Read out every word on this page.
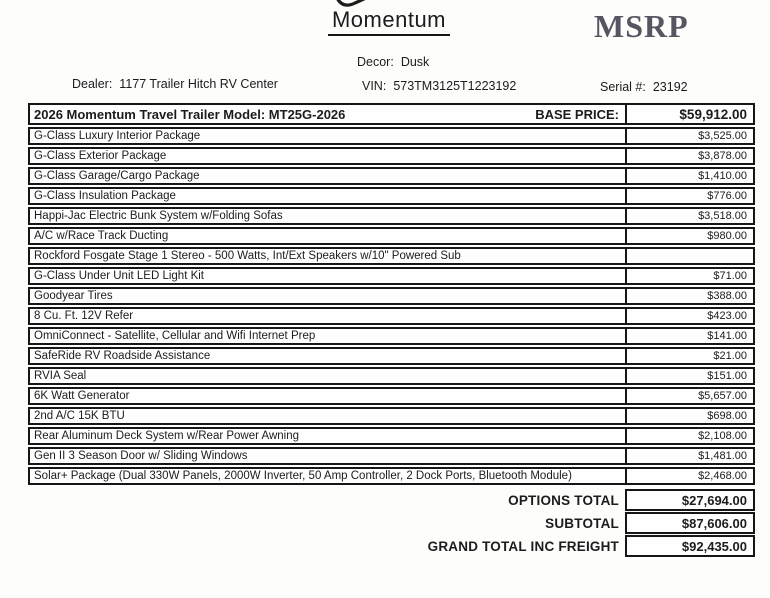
Momentum	MSRP
Decor: Dusk
Dealer: 1177 Trailer Hitch RV Center	VIN: 573TM3125T1223192	Serial #: 23192
2026 Momentum Travel Trailer Model: MT25G-2026	BASE PRICE:	$59,912.00
G-Class Luxury Interior Package	$3,525.00
G-Class Exterior Package	$3,878.00
G-Class Garage/Cargo Package	$1,410.00
G-Class Insulation Package	$776.00
Happi-Jac Electric Bunk System w/Folding Sofas	$3,518.00
A/C w/Race Track Ducting	$980.00
Rockford Fosgate Stage 1 Stereo - 500 Watts, Int/Ext Speakers w/10" Powered Sub
G-Class Under Unit LED Light Kit	$71.00
Goodyear Tires	$388.00
8 Cu. Ft. 12V Refer	$423.00
OmniConnect - Satellite, Cellular and Wifi Internet Prep	$141.00
SafeRide RV Roadside Assistance	$21.00
RVIA Seal	$151.00
6K Watt Generator	$5,657.00
2nd A/C 15K BTU	$698.00
Rear Aluminum Deck System w/Rear Power Awning	$2,108.00
Gen II 3 Season Door w/ Sliding Windows	$1,481.00
Solar+ Package (Dual 330W Panels, 2000W Inverter, 50 Amp Controller, 2 Dock Ports, Bluetooth Module)	$2,468.00
OPTIONS TOTAL	$27,694.00
SUBTOTAL	$87,606.00
GRAND TOTAL INC FREIGHT	$92,435.00
